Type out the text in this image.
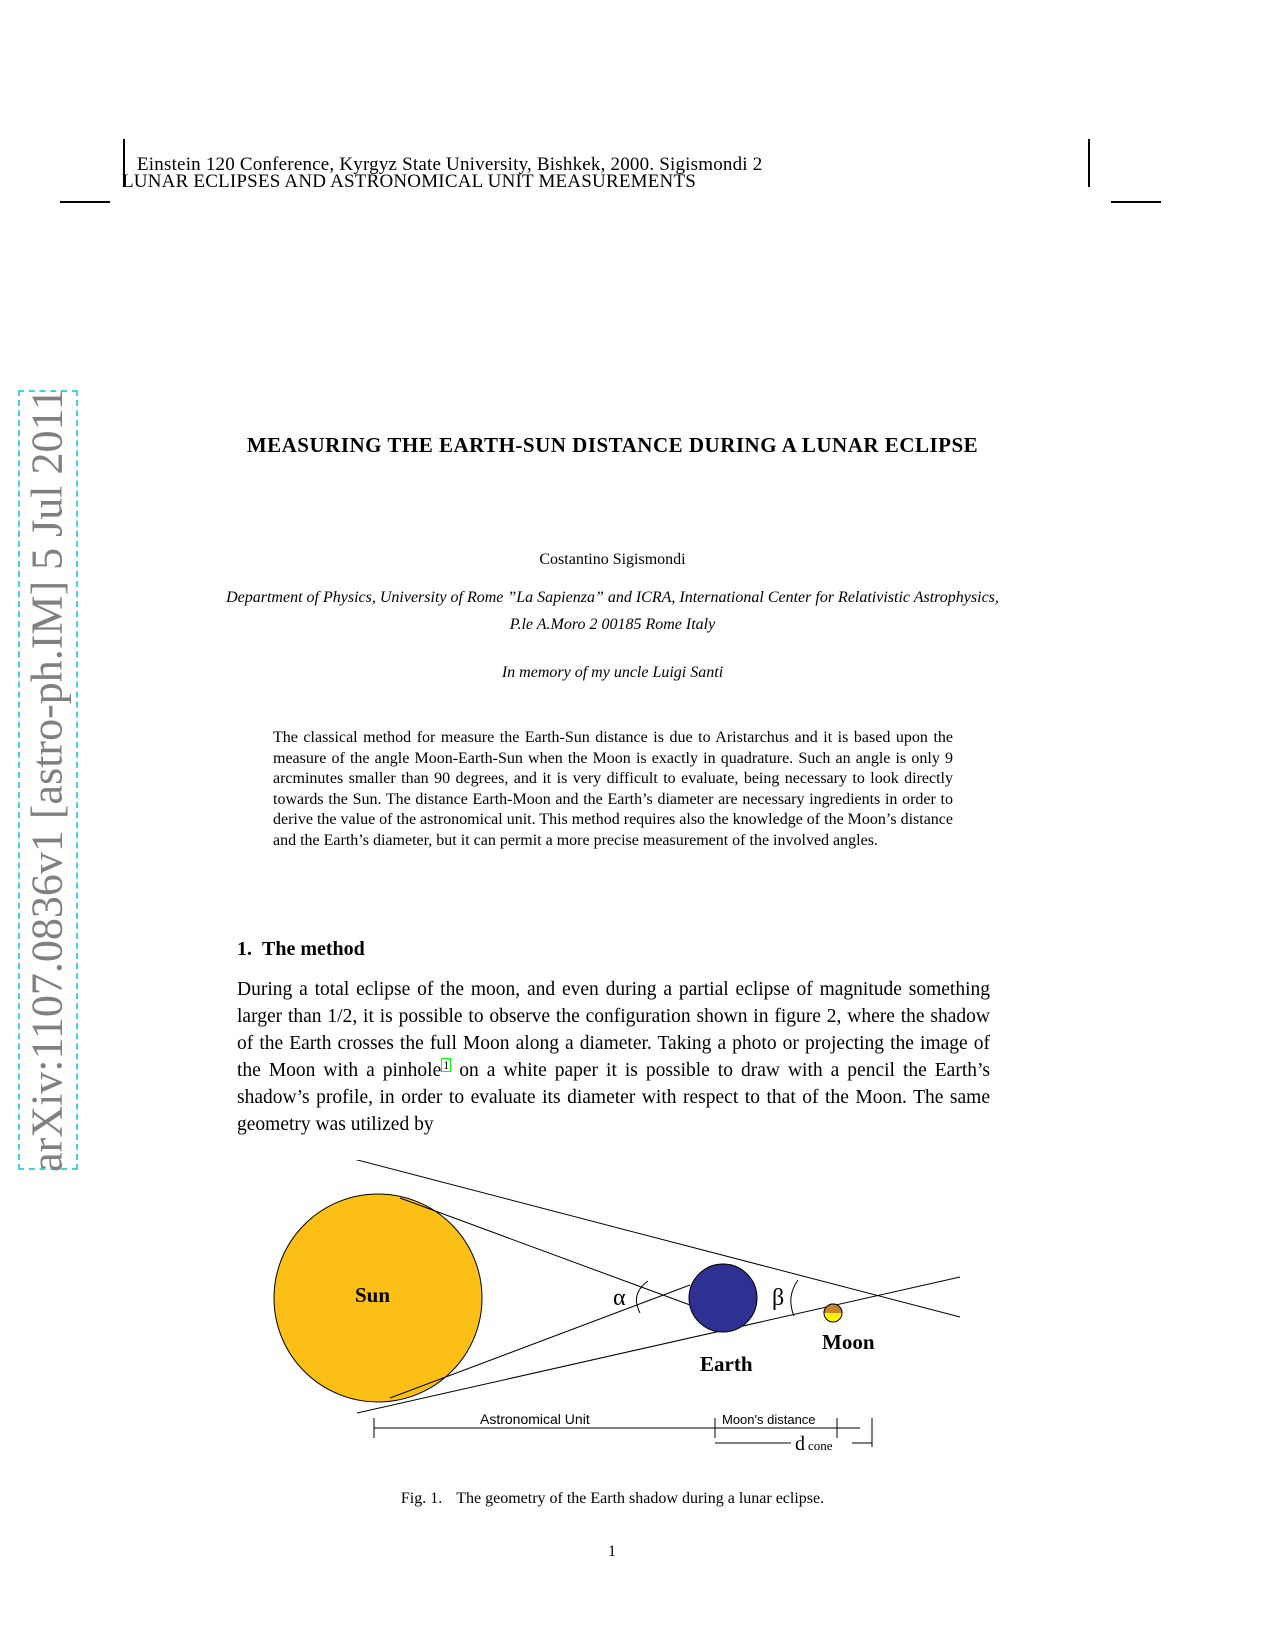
Einstein 120 Conference, Kyrgyz State University, Bishkek, 2000. Sigismondi 2
LUNAR ECLIPSES AND ASTRONOMICAL UNIT MEASUREMENTS
arXiv:1107.0836v1 [astro-ph.IM] 5 Jul 2011	MEASURING THE EARTH-SUN DISTANCE DURING A LUNAR ECLIPSE
Costantino Sigismondi
Department of Physics, University of Rome ”La Sapienza” and ICRA, International Center for Relativistic Astrophysics, P.le A.Moro 2 00185 Rome Italy
In memory of my uncle Luigi Santi
The classical method for measure the Earth-Sun distance is due to Aristarchus and it is based upon the measure of the angle Moon-Earth-Sun when the Moon is exactly in quadrature. Such an angle is only 9 arcminutes smaller than 90 degrees, and it is very difficult to evaluate, being necessary to look directly towards the Sun. The distance Earth-Moon and the Earth’s diameter are necessary ingredients in order to derive the value of the astronomical unit. This method requires also the knowledge of the Moon’s distance and the Earth’s diameter, but it can permit a more precise measurement of the involved angles.
1. The method
During a total eclipse of the moon, and even during a partial eclipse of magnitude something larger than 1/2, it is possible to observe the configuration shown in figure 2, where the shadow of the Earth crosses the full Moon along a diameter. Taking a photo or projecting the image of the Moon with a pinhole 1 on a white paper it is possible to draw with a pencil the Earth’s shadow’s profile, in order to evaluate its diameter with respect to that of the Moon. The same geometry was utilized by
Sun	α	β
Earth
Moon
Astronomical Unit	Moon's distance
dcone
Fig. 1. The geometry of the Earth shadow during a lunar eclipse.
1
